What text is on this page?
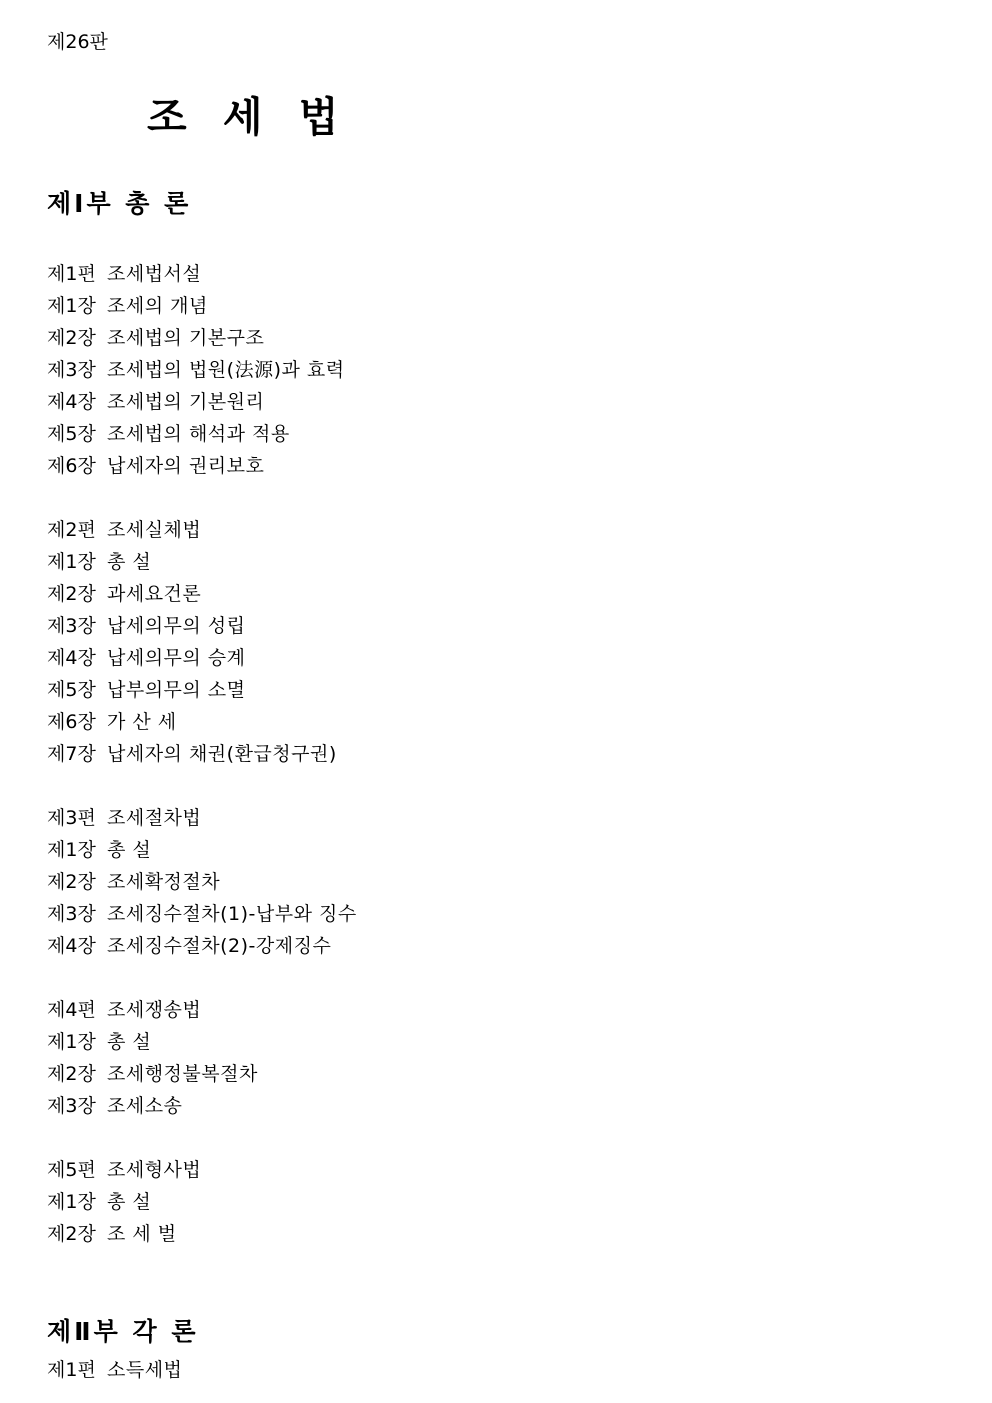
제26판
조 세 법
제Ⅰ부 총 론
제1편 조세법서설
제1장 조세의 개념
제2장 조세법의 기본구조
제3장 조세법의 법원(法源)과 효력
제4장 조세법의 기본원리
제5장 조세법의 해석과 적용
제6장 납세자의 권리보호
제2편 조세실체법
제1장 총 설
제2장 과세요건론
제3장 납세의무의 성립
제4장 납세의무의 승계
제5장 납부의무의 소멸
제6장 가 산 세
제7장 납세자의 채권(환급청구권)
제3편 조세절차법
제1장 총 설
제2장 조세확정절차
제3장 조세징수절차(1)-납부와 징수
제4장 조세징수절차(2)-강제징수
제4편 조세쟁송법
제1장 총 설
제2장 조세행정불복절차
제3장 조세소송
제5편 조세형사법
제1장 총 설
제2장 조 세 벌
제Ⅱ부 각 론
제1편 소득세법
